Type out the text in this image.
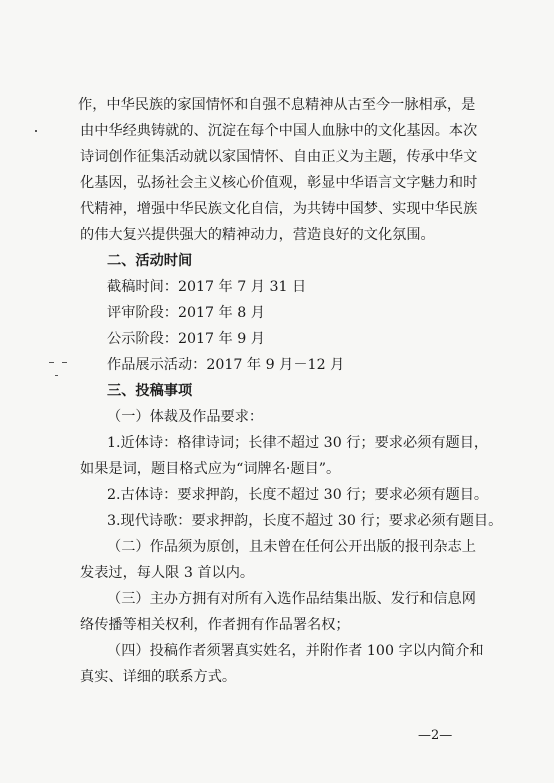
作，中华民族的家国情怀和自强不息精神从古至今一脉相承，是
由中华经典铸就的、沉淀在每个中国人血脉中的文化基因。本次
诗词创作征集活动就以家国情怀、自由正义为主题，传承中华文
化基因，弘扬社会主义核心价值观，彰显中华语言文字魅力和时
代精神，增强中华民族文化自信，为共铸中国梦、实现中华民族
的伟大复兴提供强大的精神动力，营造良好的文化氛围。
二、活动时间
截稿时间：2017 年 7 月 31 日
评审阶段：2017 年 8 月
公示阶段：2017 年 9 月
作品展示活动：2017 年 9 月－12 月
三、投稿事项
（一）体裁及作品要求：
1.近体诗：格律诗词；长律不超过 30 行；要求必须有题目，
如果是词，题目格式应为“词牌名·题目”。
2.古体诗：要求押韵，长度不超过 30 行；要求必须有题目。
3.现代诗歌：要求押韵，长度不超过 30 行；要求必须有题目。
（二）作品须为原创，且未曾在任何公开出版的报刊杂志上
发表过，每人限 3 首以内。
（三）主办方拥有对所有入选作品结集出版、发行和信息网
络传播等相关权利，作者拥有作品署名权；
（四）投稿作者须署真实姓名，并附作者 100 字以内简介和
真实、详细的联系方式。
—2—
